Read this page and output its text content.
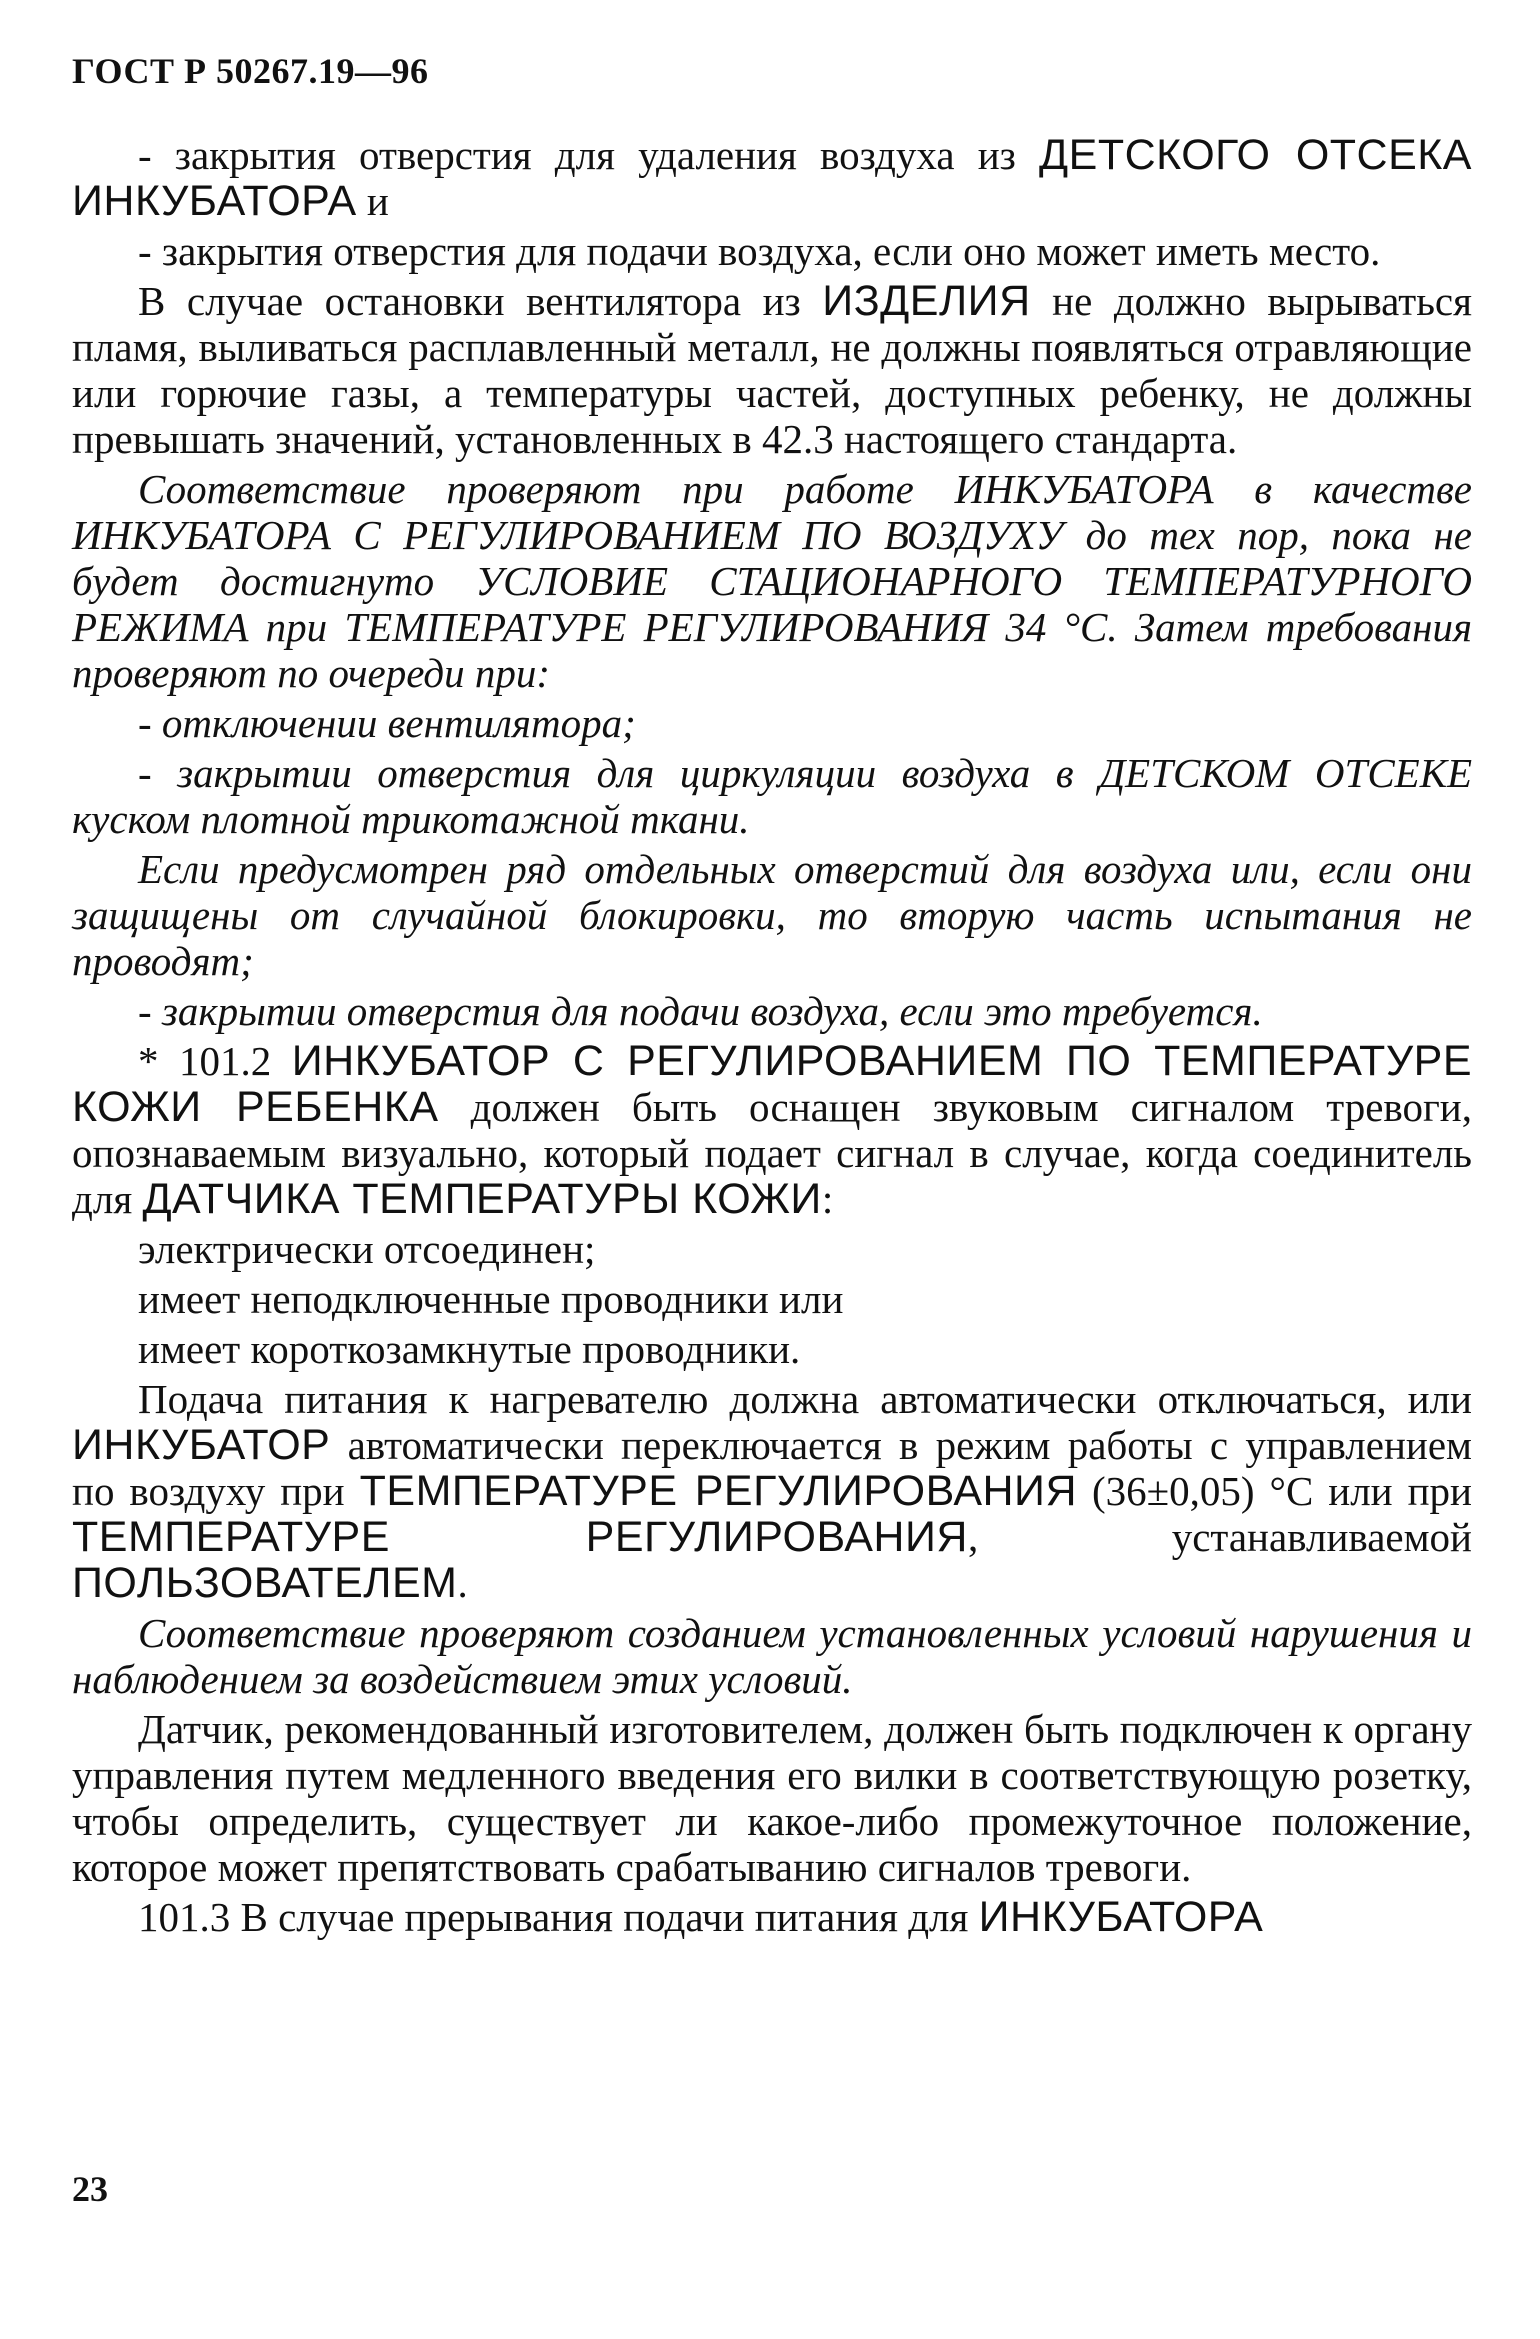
ГОСТ Р 50267.19—96

- закрытия отверстия для удаления воздуха из ДЕТСКОГО ОТСЕКА ИНКУБАТОРА и

- закрытия отверстия для подачи воздуха, если оно может иметь место.

В случае остановки вентилятора из ИЗДЕЛИЯ не должно вырываться пламя, выливаться расплавленный металл, не должны появляться отравляющие или горючие газы, а температуры частей, доступных ребенку, не должны превышать значений, установленных в 42.3 настоящего стандарта.

Соответствие проверяют при работе ИНКУБАТОРА в качестве ИНКУБАТОРА С РЕГУЛИРОВАНИЕМ ПО ВОЗДУХУ до тех пор, пока не будет достигнуто УСЛОВИЕ СТАЦИОНАРНОГО ТЕМПЕРАТУРНОГО РЕЖИМА при ТЕМПЕРАТУРЕ РЕГУЛИРОВАНИЯ 34 °С. Затем требования проверяют по очереди при:

- отключении вентилятора;

- закрытии отверстия для циркуляции воздуха в ДЕТСКОМ ОТСЕКЕ куском плотной трикотажной ткани.

Если предусмотрен ряд отдельных отверстий для воздуха или, если они защищены от случайной блокировки, то вторую часть испытания не проводят;

- закрытии отверстия для подачи воздуха, если это требуется.

* 101.2 ИНКУБАТОР С РЕГУЛИРОВАНИЕМ ПО ТЕМПЕРАТУРЕ КОЖИ РЕБЕНКА должен быть оснащен звуковым сигналом тревоги, опознаваемым визуально, который подает сигнал в случае, когда соединитель для ДАТЧИКА ТЕМПЕРАТУРЫ КОЖИ:

электрически отсоединен;

имеет неподключенные проводники или

имеет короткозамкнутые проводники.

Подача питания к нагревателю должна автоматически отключаться, или ИНКУБАТОР автоматически переключается в режим работы с управлением по воздуху при ТЕМПЕРАТУРЕ РЕГУЛИРОВАНИЯ (36±0,05) °С или при ТЕМПЕРАТУРЕ РЕГУЛИРОВАНИЯ, устанавливаемой ПОЛЬЗОВАТЕЛЕМ.

Соответствие проверяют созданием установленных условий нарушения и наблюдением за воздействием этих условий.

Датчик, рекомендованный изготовителем, должен быть подключен к органу управления путем медленного введения его вилки в соответствующую розетку, чтобы определить, существует ли какое-либо промежуточное положение, которое может препятствовать срабатыванию сигналов тревоги.

101.3 В случае прерывания подачи питания для ИНКУБАТОРА

23
